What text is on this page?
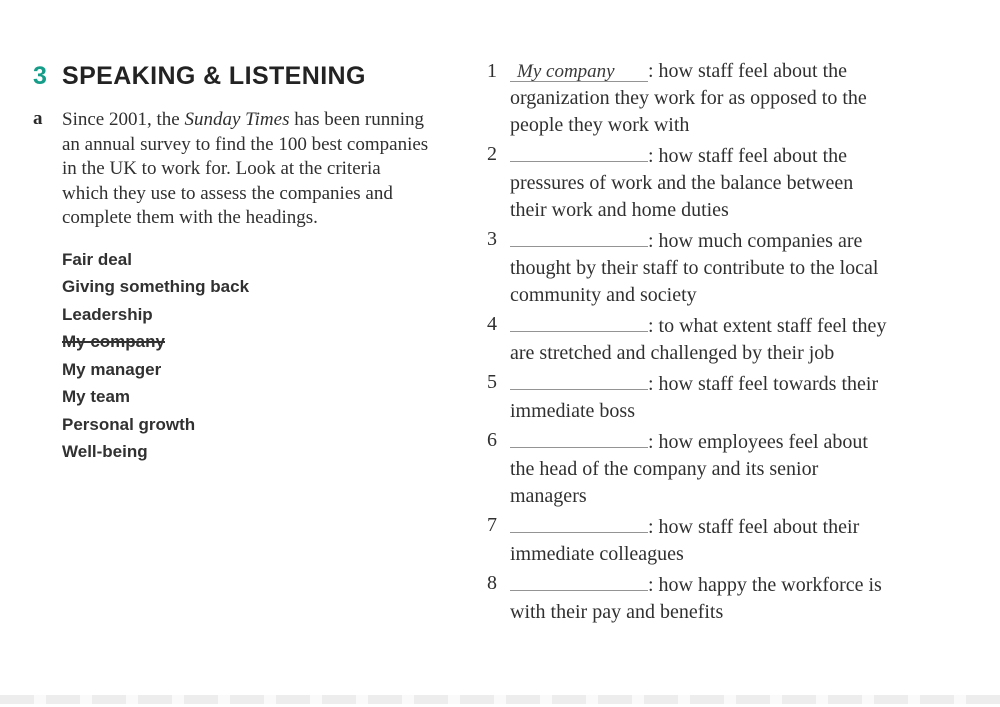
3 SPEAKING & LISTENING
a	Since 2001, the Sunday Times has been running an annual survey to find the 100 best companies in the UK to work for. Look at the criteria which they use to assess the companies and complete them with the headings.

Fair deal
Giving something back
Leadership
My company
My manager
My team
Personal growth
Well-being
1 My company : how staff feel about the organization they work for as opposed to the people they work with
2	: how staff feel about the pressures of work and the balance between their work and home duties
3	: how much companies are thought by their staff to contribute to the local community and society
4	: to what extent staff feel they are stretched and challenged by their job
5	: how staff feel towards their immediate boss
6	: how employees feel about the head of the company and its senior managers
7	: how staff feel about their immediate colleagues
8	: how happy the workforce is with their pay and benefits
